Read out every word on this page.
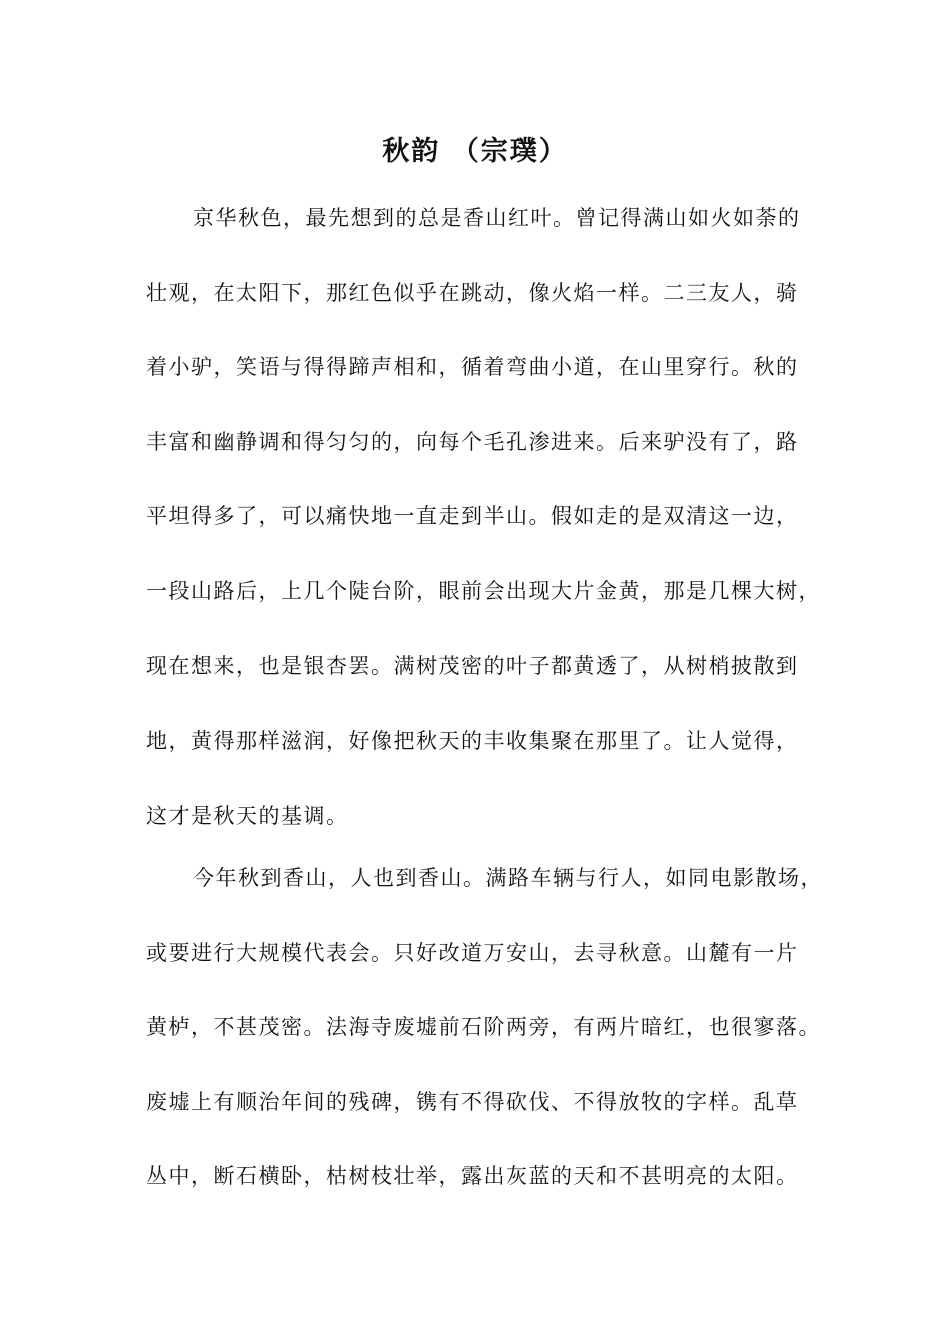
秋韵 （宗璞）
京华秋色，最先想到的总是香山红叶。曾记得满山如火如荼的
壮观，在太阳下，那红色似乎在跳动，像火焰一样。二三友人，骑
着小驴，笑语与得得蹄声相和，循着弯曲小道，在山里穿行。秋的
丰富和幽静调和得匀匀的，向每个毛孔渗进来。后来驴没有了，路
平坦得多了，可以痛快地一直走到半山。假如走的是双清这一边，
一段山路后，上几个陡台阶，眼前会出现大片金黄，那是几棵大树，
现在想来，也是银杏罢。满树茂密的叶子都黄透了，从树梢披散到
地，黄得那样滋润，好像把秋天的丰收集聚在那里了。让人觉得，
这才是秋天的基调。
今年秋到香山，人也到香山。满路车辆与行人，如同电影散场，
或要进行大规模代表会。只好改道万安山，去寻秋意。山麓有一片
黄栌，不甚茂密。法海寺废墟前石阶两旁，有两片暗红，也很寥落。
废墟上有顺治年间的残碑，镌有不得砍伐、不得放牧的字样。乱草
丛中，断石横卧，枯树枝壮举，露出灰蓝的天和不甚明亮的太阳。
